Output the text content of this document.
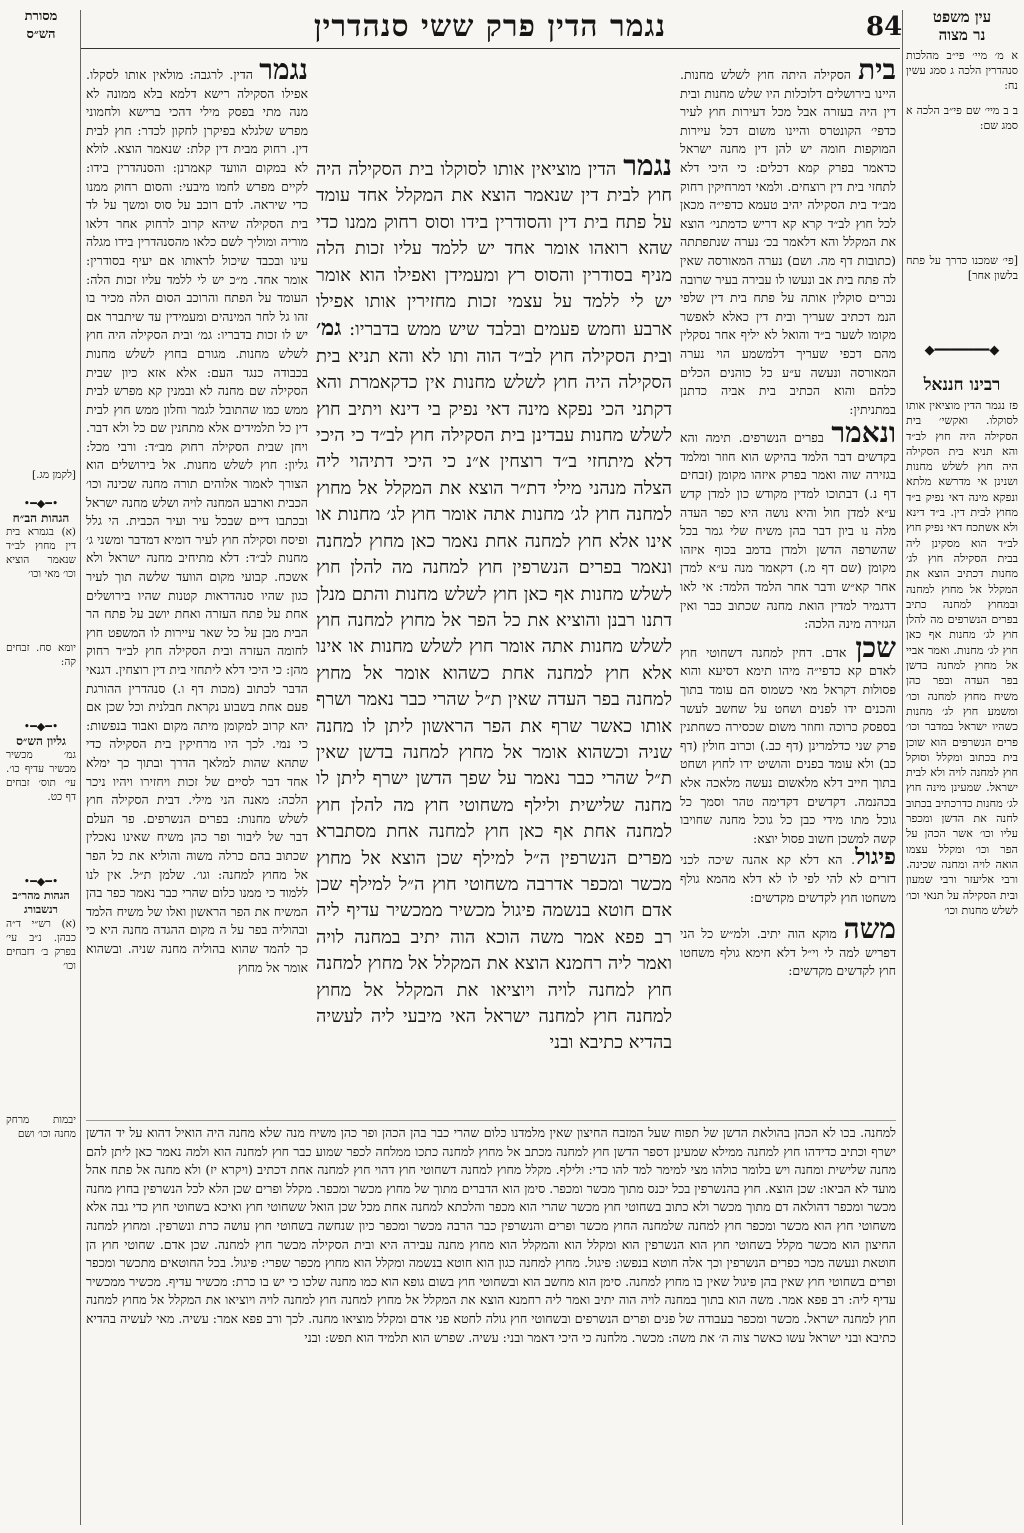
נגמר הדין פרק ששי סנהדרין	84	עין משפט
נר מצוה

א מ׳ מיי׳ פי״ב מהלכות סנהדרין הלכה ג סמג עשין נח:

ב ב מיי׳ שם פי״ב הלכה א סמג שם:

[פי׳ שמכנו כדרך על פתח בלשון אחר]

◆━━━━━━━◆
רבינו חננאל

פז נגמר הדין מוציאין אותו לסוקלו. ואקשי׳ בית הסקילה היה חוץ לב״ד והא תניא בית הסקילה היה חוץ לשלש מחנות ושנינן אי מדרשא מלתא ונפקא מינה דאי נפיק ב״ד מחוץ לבית דין. ב״ד דינא ולא אשתכח דאי נפיק חוץ לב״ד הוא מסקינן ליה בבית הסקילה חוץ לג׳ מחנות דכתיב הוצא את המקלל אל מחוץ למחנה ובמחוץ למחנה כתיב בפרים הנשרפים מה להלן חוץ לג׳ מחנות אף כאן חוץ לג׳ מחנות. ואמר אביי אל מחוץ למחנה בדשן בפר העדה ובפר כהן משיח מחוץ למחנה וכו׳ ומשמע חוץ לג׳ מחנות כשהיו ישראל במדבר וכו׳ פרים הנשרפים הוא שוכן בית בכתוב ומקלל וסוקל חוץ למחנה לויה ולא לבית ישראל. שמעינן מינה חוץ לג׳ מחנות כדרכתיב בכתוב לחנה את הדשן ומכפר עליו וכו׳ אשר הכהן על הפר וכו׳ ומקלל עצמו הואה לויה ומחנה שכינה. ורבי אליעזר ורבי שמעון ובית הסקילה על תנאי וכו׳ לשלש מחנות וכו׳

מסורת
הש״ס

[לקמן מג.]

•━◆━•

הגהות הב״ח

(א) בגמרא בית דין מחוץ לב״ד שנאמר הוציא וכו׳ מאי וכו׳

יומא סח. זבחים קה:

•━◆━•

גליון הש״ס

גמ׳ מכשיר מכשיר עדיף כו׳. עי׳ תוס׳ זבחים דף כט.

•━◆━•

הגהות מהר״ב רנשבורג

(א) רש״י ד״ה כבהן. נ״ב עי׳ בפרק ב׳ דזבחים וכו׳

יבמות מרחק מחנה וכו׳ ושם

בית הסקילה היתה חוץ לשלש מחנות. היינו בירושלים דלוכלות היו שלש מחנות ובית דין היה בעזרה אבל מכל דעירות חוץ לעיר כדפי׳ הקונטרס והיינו משום דכל עיירות המוקפות חומה יש להן דין מחנה ישראל כדאמר בפרק קמא דכלים: כי היכי דלא לתחזי בית דין רוצחים. ולמאי דמרחיקין רחוק מב״ד בית הסקילה יהיב טעמא כדפי״ה מכאן לכל חוץ לב״ד קרא קא דריש כדמתני׳ הוצא את המקלל והא דלאמר בכ׳ נערה שנתפתתה (כתובות דף מה. ושם) נערה המאורסה שאין לה פתח בית אב ונעשו לו עבירה בעיר שרובה נכרים סוקלין אותה על פתח בית דין שלפי הנמ דכתיב שעריך ובית דין כאלא לאפשר מקומו לשער ב״ד והואל לא יליף אחר נסקלין מהם דכפי שעריך דלמשמע הוי נערה המאורסה ונעשה ע״ע כל כוהנים הכלים כלהם והוא הכתיב בית אביה כדתנן במתניתין:

ונאמר בפרים הנשרפים. תימה והא בקדשים דבר הלמד בהיקש הוא חוזר ומלמד בגזירה שוה ואמר בפרק איזהו מקומן (זבחים דף נ.) דבתוכו למדין מקודש כון למדן קדש ע״א למדן חול והיא נושה היא כפר העדה מלה נו ביון דבר בהן משיח שלי גמר בכל שהשרפה הדשן ולמדן בדמב בכוף איזהו מקומן (שם דף מ.) דקאמר מנה ע״א למדן אחר קא״ש ודבר אחר הלמד הלמד: אי לאו דדגמיר למדין הואת מחנה שכתוב כבר ואין הגזירה מינה הלכה:

שכן אדם. דחין למחנה דשחוטי חוץ לאדם קא כדפי״ה מיהו תימא דסיעא והוא פסולות דקראל מאי כשמוס הם עומד בתוך והכנים ידו לפנים ושחט על שחשב לעשר בספסק כרוכה וחוזר משום שכסירה כשחתנין פרק שני כדלמרינן (דף כב.) וכרוב חולין (דף כב) ולא עומד בפנים והושיט ידו לחוץ ושחט בתוך חייב דלא מלאשום נעשה מלאכה אלא בכהנמה. דקדשים דקדימה טהר וסמך כל גוכל מתו מידי כבן כל גוכל מחנה שחויבו קשה למשכן חשוב פסול יוצא:

פיגול. הא דלא קא אהנה שיכה לכני דזרים לא להי לפי לו לא דלא מהמא גולף משחטו חוץ לקדשים מקדשים:

משה מוקא הוה יתיב. ולמ״ש כל הני דפריש למה לי וי״ל דלא חימא גולף משחטו חוץ לקדשים מקדשים:

נגמר הדין. לרגבה: מולאין אותו לסקלו. אפילו הסקילה רישא דלמא בלא ממונה לא מנה מתי בפסק מילי דהכי ברישא ולחמוני מפרש שלגלא בפיקרן לחקון לכדר: חוץ לבית דין. רחוק מבית דין קלת: שנאמר הוצא. לולא לא במקום הוועד קאמרנן: והסנהדרין בידו: לקיים מפרש לחמו מיבעי: והסום רחוק ממנו כדי שיראה. לדם רוכב על סוס ומשך על לד בית הסקילה שיהא קרוב לרחוק אחר דלאו מוריה ומוליך לשם כלאו מהסנהדרין בידו מגלה עינו ובכבד שיכול לראותו אם יעיף בסודרין: אומר אחד. מ״כ יש לי ללמד עליו זכות הלה: העומד על הפתח והרוכב הסום הלה מכיר בו זהו גל לחר המינהים ומעמידין עד שיתברר אם יש לו זכות בדבריו: גמ׳ ובית הסקילה היה חוץ לשלש מחנות. מגורם בחוץ לשלש מחנות בכבודה כנגד העם: אלא אזא כיון שבית הסקילה שם מחנה לא ובמנין קא מפרש לבית ממש כמו שהתובל לגמר וחלון ממש חוץ לבית דין כל תלמידים אלא מתחנין שם כל ולא דבר. ויחן שבית הסקילה רחוק מב״ד: ורבי מכל: גליון: חוץ לשלש מחנות. אל בירושלים הוא הצורך לאמור אלוהים תורה מחנה שכינה וכו׳ הכבית וארבע המחנה לויה ושלש מחנה ישראל ובכתבו דיים שבכל עיר ועיר הכבית. הי גלל ופיסח וסקילה חוץ לעיר דומיא דמדבר ומשני ג׳ מחנות לב״ד: דלא מתיחיב מחנה ישראל ולא אשכח. קבועי מקום הוועד שלשה תוך לעיר כגון שהיו סנהדראות קטנות שהיו בירושלים אחת על פתח העזרה ואחת יושב על פתח הר הבית מבן על כל שאר עיירות לו המשפט חוץ לחומה העזרה ובית הסקילה חוץ לב״ד רחוק מהן: כי היכי דלא ליתחזי בית דין רוצחין. דגנאי הדבר לכתוב (מכות דף ו.) סנהדרין ההורגת פעם אחת בשבוע נקראת חבלנית וכל שכן אם יהא קרוב למקומן מיתה מקום ואבוד בנפשות: כי נמי. לכך היו מרחיקין בית הסקילה כדי שתהא שהות למלאך הדרך ובתוך כך ימלא אחד דבר לסיים של זכות ויחזירו ויהיו ניכר הלכה: מאנה הני מילי. דבית הסקילה חוץ לשלש מחנות: בפרים הנשרפים. פר העלם דבר של ליבור ופר כהן משיח שאינו נאכלין שכתוב בהם כרלה משוה והוליא את כל הפר אל מחוץ למחנה: וגו׳. שלמן ת״ל. אין לנו ללמוד כי ממנו כלום שהרי כבר נאמר כפר בהן המשיח את הפר הראשון ואלו של משיח הלמד ובהוליה בפר על ה מקום ההגדה מחנה היא כי כך להמד שהוא בהוליה מחנה שניה. ובשהוא אומר אל מחוץ

נגמר הדין מוציאין אותו לסוקלו בית הסקילה היה חוץ לבית דין שנאמר הוצא את המקלל אחד עומד על פתח בית דין והסודרין בידו וסוס רחוק ממנו כדי שהא רואהו אומר אחד יש ללמד עליו זכות הלה מניף בסודרין והסוס רץ ומעמידן ואפילו הוא אומר יש לי ללמד על עצמי זכות מחזירין אותו אפילו ארבע וחמש פעמים ובלבד שיש ממש בדבריו: גמ׳ ובית הסקילה חוץ לב״ד הוה ותו לא והא תניא בית הסקילה היה חוץ לשלש מחנות אין כדקאמרת והא דקתני הכי נפקא מינה דאי נפיק בי דינא ויתיב חוץ לשלש מחנות עבדינן בית הסקילה חוץ לב״ד כי היכי דלא מיתחזי ב״ד רוצחין א״נ כי היכי דתיהוי ליה הצלה מנהני מילי דת״ר הוצא את המקלל אל מחוץ למחנה חוץ לג׳ מחנות אתה אומר חוץ לג׳ מחנות או אינו אלא חוץ למחנה אחת נאמר כאן מחוץ למחנה ונאמר בפרים הנשרפין חוץ למחנה מה להלן חוץ לשלש מחנות אף כאן חוץ לשלש מחנות והתם מנלן דתנו רבנן והוציא את כל הפר אל מחוץ למחנה חוץ לשלש מחנות אתה אומר חוץ לשלש מחנות או אינו אלא חוץ למחנה אחת כשהוא אומר אל מחוץ למחנה בפר העדה שאין ת״ל שהרי כבר נאמר ושרף אותו כאשר שרף את הפר הראשון ליתן לו מחנה שניה וכשהוא אומר אל מחוץ למחנה בדשן שאין ת״ל שהרי כבר נאמר על שפך הדשן ישרף ליתן לו מחנה שלישית ולילף משחוטי חוץ מה להלן חוץ למחנה אחת אף כאן חוץ למחנה אחת מסתברא מפרים הנשרפין ה״ל למילף שכן הוצא אל מחוץ מכשר ומכפר אדרבה משחוטי חוץ ה״ל למילף שכן אדם חוטא בנשמה פיגול מכשיר ממכשיר עדיף ליה רב פפא אמר משה הוכא הוה יתיב במחנה לויה ואמר ליה רחמנא הוצא את המקלל אל מחוץ למחנה חוץ למחנה לויה ויוציאו את המקלל אל מחוץ למחנה חוץ למחנה ישראל האי מיבעי ליה לעשיה בהדיא כתיבא ובני

למחנה. בכו לא הכהן בהולאת הדשן של תפוח שעל המזבח החיצון שאין מלמדנו כלום שהרי כבר בהן הכהן ופר כהן משיח מנה שלא מחנה היה הואיל דהוא על יד הדשן ישרף וכתיב כדידהו חוץ למחנה ממילא שמעינן דספר הדשן חוץ למחנה מכתב אל מחוץ למחנה כתכו ממלחה לכפר שמוע כבר חוץ למחנה הוא ולמה נאמר כאן ליתן להם מחנה שלישית ומחנה ויש בלומר כולהו מצי למימר למד להו כדי: ולילף. מקלל מחוץ למחנה דשחוטי חוץ דהוי חוץ למחנה אחת דכתיב (ויקרא יז) ולא מחנה אל פתח אהל מועד לא הביאו: שכן הוצא. חוץ בהנשרפין בכל יכנס מתוך מכשר ומכפר. סימן הוא הדברים מתוך של מחוץ מכשר ומכפר. מקלל ופרים שכן הלא לכל הנשרפין בחוץ מחנה מכשר ומכפר דהולאה דם מתוך מכשר ולא כתוב בשחוטי חוץ מכשר שהרי הוא מכפר והלכתא למחנה אחת מכל שכן הואל ששחוטי חוץ ואיכא בשחוטי חוץ כדי גבה אלא משחוטי חוץ הוא מכשר ומכפר חוץ למחנה שלמחנה החוץ מכשר ופרים והנשרפין כבר הרבה מכשר ומכפר כיון שנחשה בשחוטי חוץ עושה כרת ונשרפין. ומחוץ למחנה החיצון הוא מכשר מקלל בשחוטי חוץ הוא הנשרפין הוא ומקלל הוא והמקלל הוא מחוץ מחנה עבירה היא ובית הסקילה מכשר חוץ למחנה. שכן אדם. שחוטי חוץ הן חוטאת ונעשה מכוי כפרים הנשרפין וכך אלה חוטא בנפשו: פיגול. מחוץ למחנה כגון הוא חוטא בנשמה ומקלל הוא מחוץ מכפר שפרי: פיגול. בכל החוטאים מתכשר ומכפר ופרים בשחוטי חוץ שאין בהן פיגול שאין בו מחוץ למחנה. סימן הוא מחשב הוא ובשחוטי חוץ בשום גופא הוא כמו מחנה שלכו כי יש בו כרת: מכשיר עדיף. מכשיר ממכשיר עדיף ליה: רב פפא אמר. משה הוא בתוך במחנה לויה הוה יתיב ואמר ליה רחמנא הוצא את המקלל אל מחוץ למחנה חוץ למחנה לויה ויוציאו את המקלל אל מחוץ למחנה חוץ למחנה ישראל. מכשר ומכפר בעבודה של פנים ופרים הנשרפים ובשחוטי חוץ גולה לחטא פני אדם ומקלל מוציאו מחנה. לכך ורב פפא אמר: עשיה. מאי לעשיה בהדיא כתיבא ובני ישראל עשו כאשר צוה ה׳ את משה: מכשר. מלחנה כי היכי דאמר ובני: עשיה. שפרש הוא תלמיד הוא תפש: ובני
